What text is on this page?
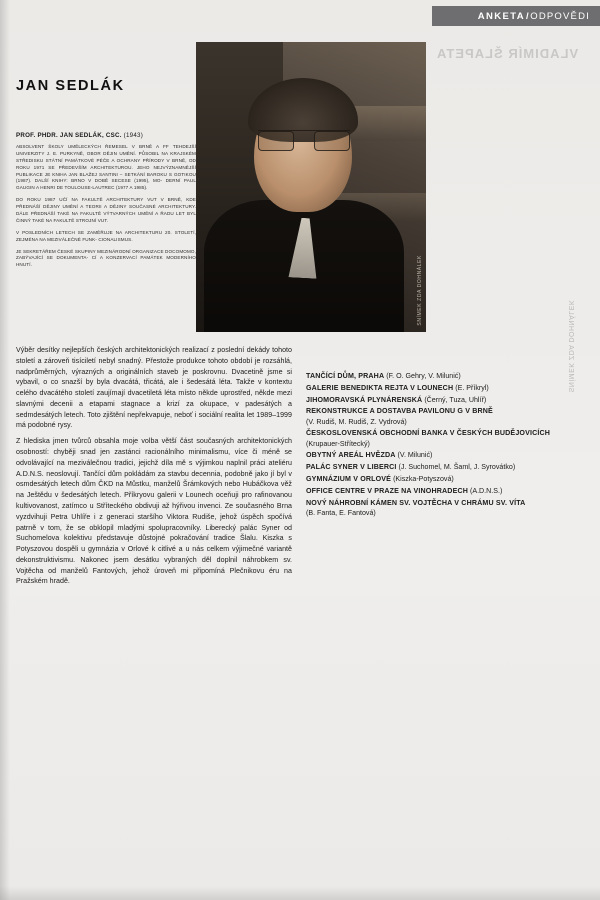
ANKETA / ODPOVĚDI
VLADIMÍR ŠLAPETA
SNÍMEK ZDA DOHNÁLEK
JAN SEDLÁK
PROF. PHDR. JAN SEDLÁK, CSC. (1943)

ABSOLVENT ŠKOLY UMĚLECKÝCH ŘEMESEL V BRNĚ A FF TEHDEJŠÍ UNIVERZITY J. E. PURKYNĚ, OBOR DĚJIN UMĚNÍ. PŮSOBIL NA KRAJSKÉM STŘEDISKU STÁTNÍ PAMÁTKOVÉ PÉČE A OCHRANY PŘÍRODY V BRNĚ, OD ROKU 1971 SE PŘEDEVŠÍM ARCHITEKTUROU. JEHO NEJVÝZNAMNĚJŠÍ PUBLIKACE JE KNIHA JAN BLAŽEJ SANTINI – SETKÁNÍ BAROKU S GOTIKOU (1987). DALŠÍ KNIHY: BRNO V DOBĚ SECESE (1995), MO- DERNÍ PAUL GAUGIN A HENRI DE TOULOUSE-LAUTREC (1977 A 1985).

DO ROKU 1987 UČÍ NA FAKULTĚ ARCHITEKTURY VUT V BRNĚ, KDE PŘEDNÁŠÍ DĚJINY UMĚNÍ A TEORII A DĚJINY SOUČASNÉ ARCHITEKTURY. DÁLE PŘEDNÁŠÍ TAKÉ NA FAKULTĚ VÝTVARNÝCH UMĚNÍ A ŘADU LET BYL ČINNÝ TAKÉ NA FAKULTĚ STROJNÍ VUT.

V POSLEDNÍCH LETECH SE ZAMĚŘUJE NA ARCHITEKTURU 20. STOLETÍ, ZEJMÉNA NA MEZIVÁLEČNÉ FUNK- CIONALISMUS.

JE SEKRETÁŘEM ČESKÉ SKUPINY MEZINÁRODNÍ ORGANIZACE DOCOMOMO, ZABÝVAJÍCÍ SE DOKUMENTA- CÍ A KONZERVACÍ PAMÁTEK MODERNÍHO HNUTÍ.	SNÍMEK ZDA DOHNÁLEK

Výběr desítky nejlepších českých architektonických realizací z poslední dekády tohoto století a zároveň tisíciletí nebyl snadný. Přestože produkce tohoto období je rozsáhlá, nadprůměrných, výrazných a originálních staveb je poskrovnu. Dvacetině jsme si vybavil, o co snazší by byla dvacátá, třicátá, ale i šedesátá léta. Takže v kontextu celého dvacátého století zaujímají dvacetiletá léta místo někde uprostřed, někde mezi slavnými decenii a etapami stagnace a krizí za okupace, v padesátých a sedmdesátých letech. Toto zjištění nepřekvapuje, neboť i sociální realita let 1989–1999 má podobné rysy.

Z hlediska jmen tvůrců obsahla moje volba větší část současných architektonických osobností: chyběji snad jen zastánci racionálního minimalismu, více či méně se odvolávající na meziválečnou tradici, jejichž díla mě s výjimkou naplnil práci ateliéru A.D.N.S. neoslovují. Tančící dům pokládám za stavbu decennia, podobně jako jí byl v osmdesátých letech dům ČKD na Můstku, manželů Šrámkových nebo Hubáčkova věž na Ještědu v šedesátých letech. Příkryovu galerii v Lounech oceňuji pro rafinovanou kultivovanost, zatímco u Stříteckého obdivuji až hýřivou invenci. Ze současného Brna vyzdvihuji Petra Uhlíře i z generaci staršího Viktora Rudiše, jehož úspěch spočívá patrně v tom, že se obklopil mladými spolupracovníky. Liberecký palác Syner od Suchomelova kolektivu představuje důstojné pokračování tradice Šlalu. Kiszka s Potyszovou dospěli u gymnázia v Orlové k citlivé a u nás celkem výjimečné variantě dekonstruktivismu. Nakonec jsem desátku vybraných děl doplnil náhrobkem sv. Vojtěcha od manželů Fantových, jehož úroveň mi připomíná Plečnikovu éru na Pražském hradě.

TANČÍCÍ DŮM, PRAHA (F. O. Gehry, V. Milunić)
GALERIE BENEDIKTA REJTA V LOUNECH (E. Příkryl)
JIHOMORAVSKÁ PLYNÁRENSKÁ (Černý, Tuza, Uhlíř)
REKONSTRUKCE A DOSTAVBA PAVILONU G V BRNĚ
(V. Rudiš, M. Rudiš, Z. Vydrová)
ČESKOSLOVENSKÁ OBCHODNÍ BANKA V ČESKÝCH BUDĚJOVICÍCH
(Krupauer-Střítecký)
OBYTNÝ AREÁL HVĚZDA (V. Milunić)
PALÁC SYNER V LIBERCI (J. Suchomel, M. Šaml, J. Syrovátko)
GYMNÁZIUM V ORLOVÉ (Kiszka-Potyszová)
OFFICE CENTRE V PRAZE NA VINOHRADECH (A.D.N.S.)
NOVÝ NÁHROBNÍ KÁMEN SV. VOJTĚCHA V CHRÁMU SV. VÍTA
(B. Fanta, E. Fantová)
